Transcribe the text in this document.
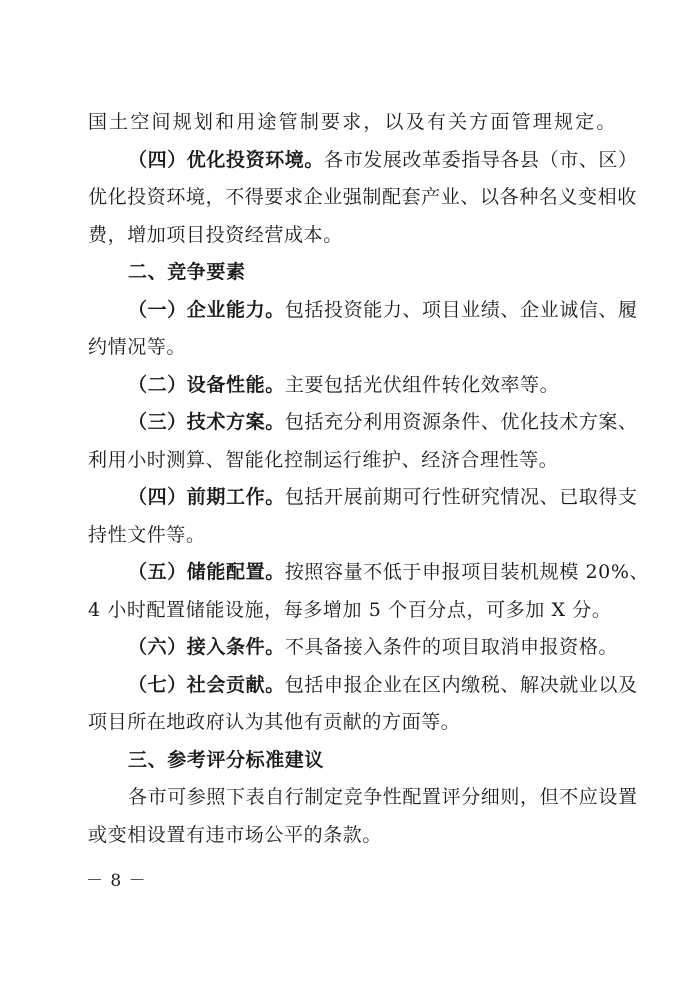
国土空间规划和用途管制要求，以及有关方面管理规定。
（四）优化投资环境。各市发展改革委指导各县（市、区）
优化投资环境，不得要求企业强制配套产业、以各种名义变相收
费，增加项目投资经营成本。
二、竞争要素
（一）企业能力。包括投资能力、项目业绩、企业诚信、履
约情况等。
（二）设备性能。主要包括光伏组件转化效率等。
（三）技术方案。包括充分利用资源条件、优化技术方案、
利用小时测算、智能化控制运行维护、经济合理性等。
（四）前期工作。包括开展前期可行性研究情况、已取得支
持性文件等。
（五）储能配置。按照容量不低于申报项目装机规模 20%、
4 小时配置储能设施，每多增加 5 个百分点，可多加 X 分。
（六）接入条件。不具备接入条件的项目取消申报资格。
（七）社会贡献。包括申报企业在区内缴税、解决就业以及
项目所在地政府认为其他有贡献的方面等。
三、参考评分标准建议
各市可参照下表自行制定竞争性配置评分细则，但不应设置
或变相设置有违市场公平的条款。
－ 8 －
